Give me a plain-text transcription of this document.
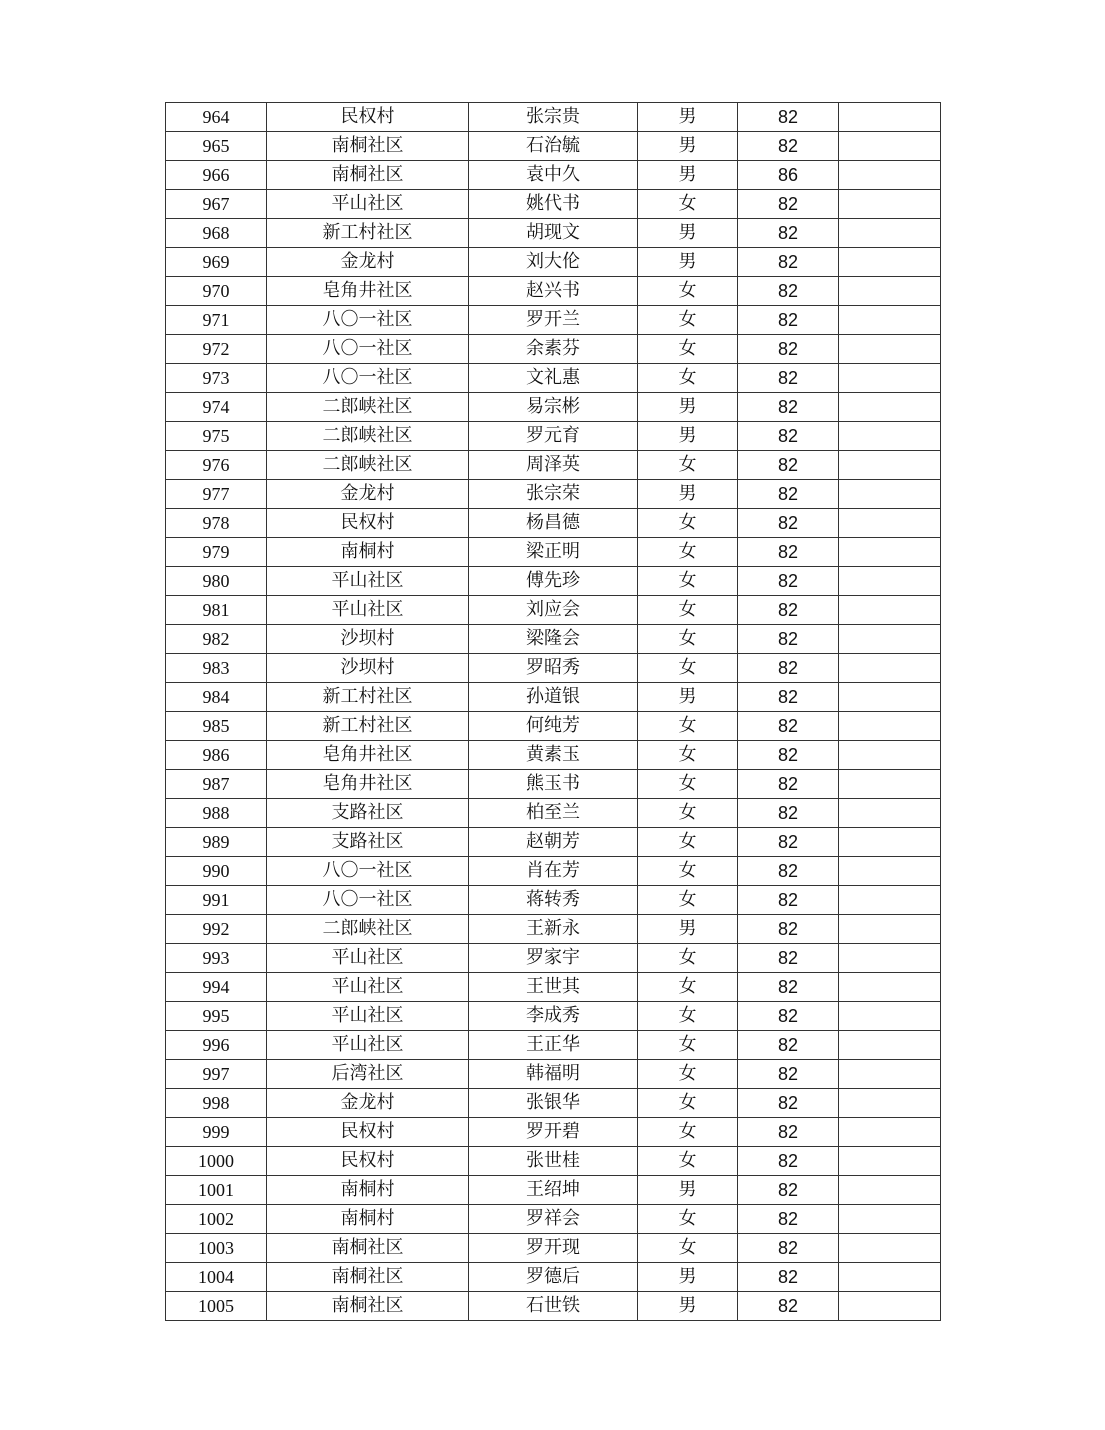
964	民权村	张宗贵	男	82	
965	南桐社区	石治毓	男	82	
966	南桐社区	袁中久	男	86	
967	平山社区	姚代书	女	82	
968	新工村社区	胡现文	男	82	
969	金龙村	刘大伦	男	82	
970	皂角井社区	赵兴书	女	82	
971	八〇一社区	罗开兰	女	82	
972	八〇一社区	余素芬	女	82	
973	八〇一社区	文礼惠	女	82	
974	二郎峡社区	易宗彬	男	82	
975	二郎峡社区	罗元育	男	82	
976	二郎峡社区	周泽英	女	82	
977	金龙村	张宗荣	男	82	
978	民权村	杨昌德	女	82	
979	南桐村	梁正明	女	82	
980	平山社区	傅先珍	女	82	
981	平山社区	刘应会	女	82	
982	沙坝村	梁隆会	女	82	
983	沙坝村	罗昭秀	女	82	
984	新工村社区	孙道银	男	82	
985	新工村社区	何纯芳	女	82	
986	皂角井社区	黄素玉	女	82	
987	皂角井社区	熊玉书	女	82	
988	支路社区	柏至兰	女	82	
989	支路社区	赵朝芳	女	82	
990	八〇一社区	肖在芳	女	82	
991	八〇一社区	蒋转秀	女	82	
992	二郎峡社区	王新永	男	82	
993	平山社区	罗家宇	女	82	
994	平山社区	王世其	女	82	
995	平山社区	李成秀	女	82	
996	平山社区	王正华	女	82	
997	后湾社区	韩福明	女	82	
998	金龙村	张银华	女	82	
999	民权村	罗开碧	女	82	
1000	民权村	张世桂	女	82	
1001	南桐村	王绍坤	男	82	
1002	南桐村	罗祥会	女	82	
1003	南桐社区	罗开现	女	82	
1004	南桐社区	罗德后	男	82	
1005	南桐社区	石世铁	男	82	
